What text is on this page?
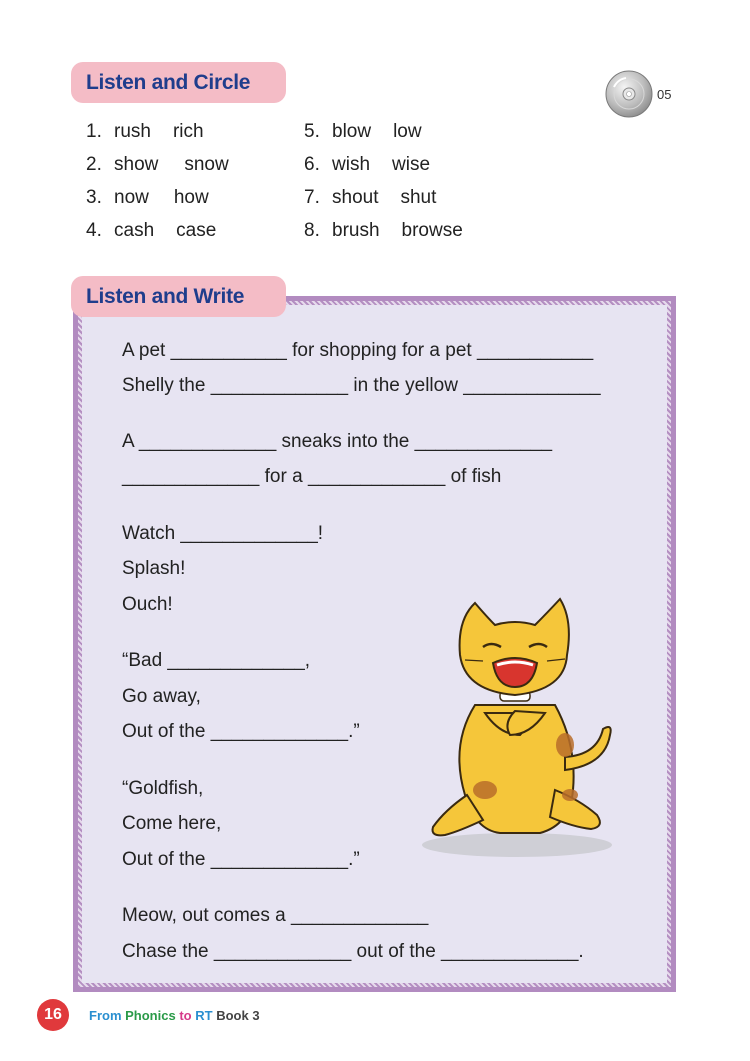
Listen and Circle
05
1. rush rich
2. show snow
3. now how
4. cash case
5. blow low
6. wish wise
7. shout shut
8. brush browse
Listen and Write
A pet ___________ for shopping for a pet ___________
Shelly the _____________ in the yellow _____________
A _____________ sneaks into the _____________
_____________ for a _____________ of fish
Watch _____________!
Splash!
Ouch!
“Bad _____________,
Go away,
Out of the _____________.”
“Goldfish,
Come here,
Out of the _____________.”
Meow, out comes a _____________
Chase the _____________ out of the _____________.
16	From Phonics to RT Book 3
